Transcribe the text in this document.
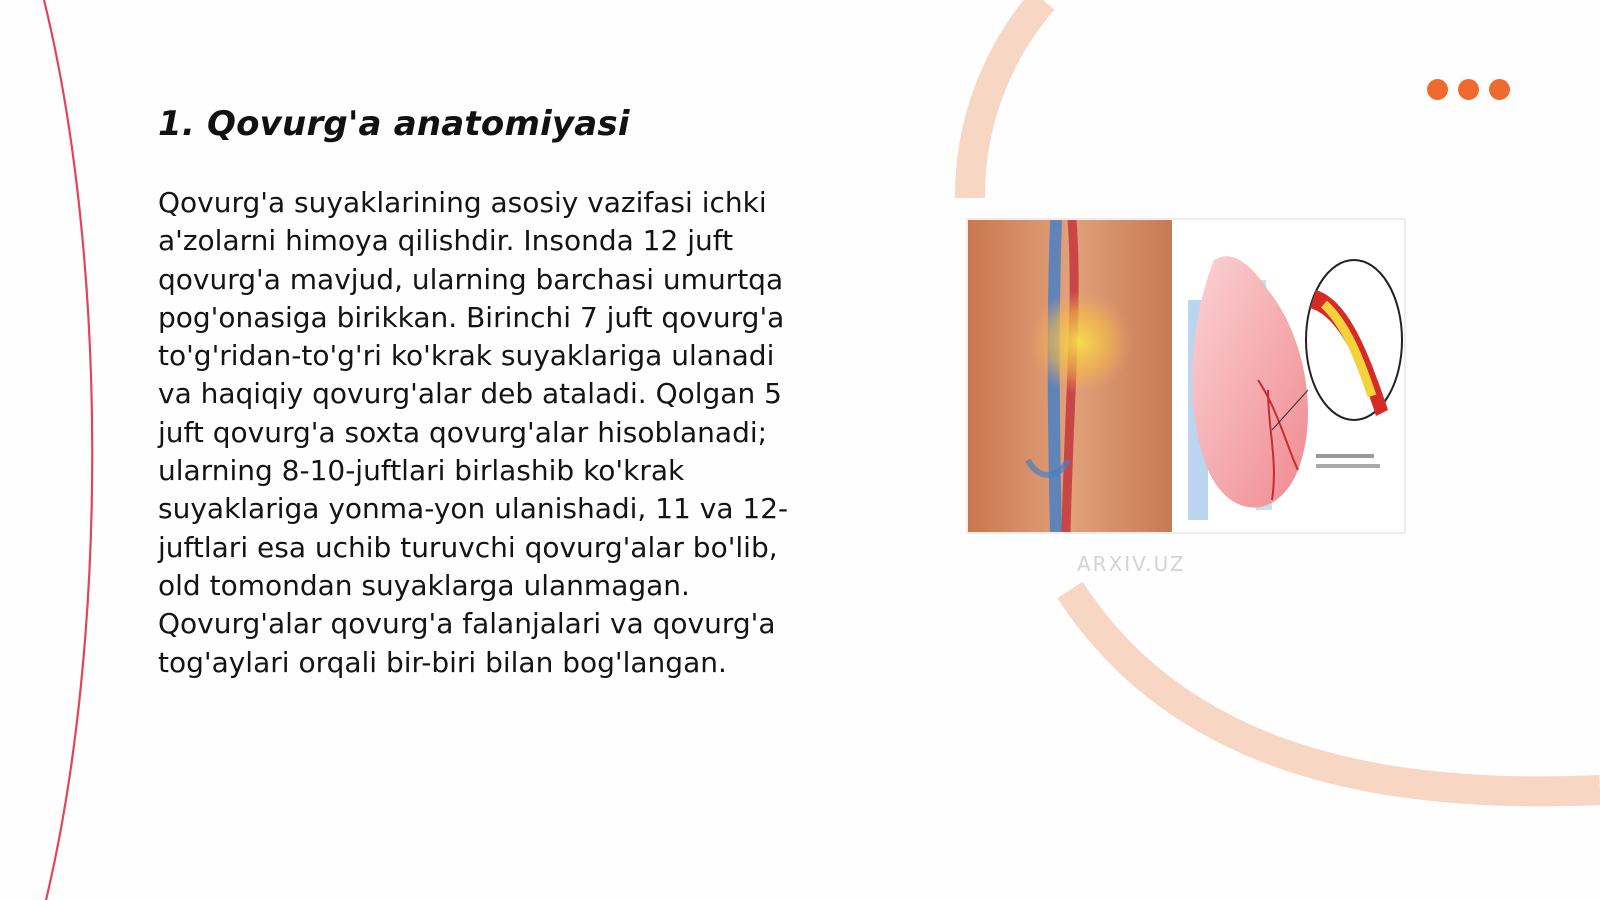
1. Qovurg'a anatomiyasi

Qovurg'a suyaklarining asosiy vazifasi ichki
a'zolarni himoya qilishdir. Insonda 12 juft
qovurg'a mavjud, ularning barchasi umurtqa
pog'onasiga birikkan. Birinchi 7 juft qovurg'a
to'g'ridan-to'g'ri ko'krak suyaklariga ulanadi
va haqiqiy qovurg'alar deb ataladi. Qolgan 5
juft qovurg'a soxta qovurg'alar hisoblanadi;
ularning 8-10-juftlari birlashib ko'krak
suyaklariga yonma-yon ulanishadi, 11 va 12-
juftlari esa uchib turuvchi qovurg'alar bo'lib,
old tomondan suyaklarga ulanmagan.
Qovurg'alar qovurg'a falanjalari va qovurg'a
tog'aylari orqali bir-biri bilan bog'langan.

ARXIV.UZ
